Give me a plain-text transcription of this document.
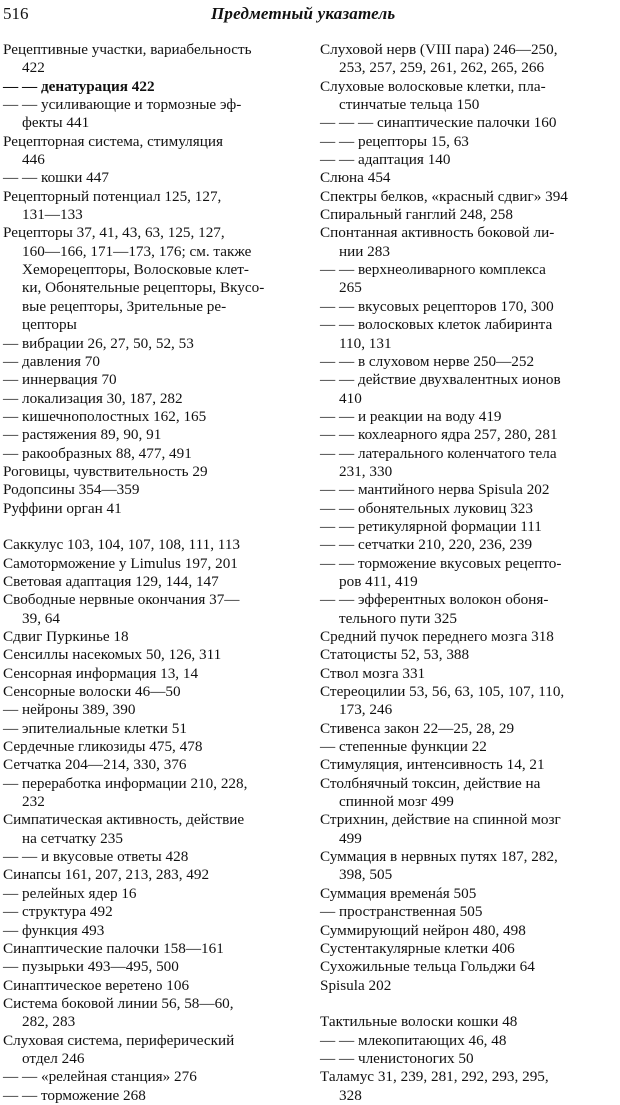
516	Предметный указатель
Рецептивные участки, вариабельность
422
— — денатурация 422
— — усиливающие и тормозные эф-
фекты 441
Рецепторная система, стимуляция
446
— — кошки 447
Рецепторный потенциал 125, 127,
131—133
Рецепторы 37, 41, 43, 63, 125, 127,
160—166, 171—173, 176; см. также
Хеморецепторы, Волосковые клет-
ки, Обонятельные рецепторы, Вкусо-
вые рецепторы, Зрительные ре-
цепторы
— вибрации 26, 27, 50, 52, 53
— давления 70
— иннервация 70
— локализация 30, 187, 282
— кишечнополостных 162, 165
— растяжения 89, 90, 91
— ракообразных 88, 477, 491
Роговицы, чувствительность 29
Родопсины 354—359
Руффини орган 41
Саккулус 103, 104, 107, 108, 111, 113
Самоторможение у Limulus 197, 201
Световая адаптация 129, 144, 147
Свободные нервные окончания 37—
39, 64
Сдвиг Пуркинье 18
Сенсиллы насекомых 50, 126, 311
Сенсорная информация 13, 14
Сенсорные волоски 46—50
— нейроны 389, 390
— эпителиальные клетки 51
Сердечные гликозиды 475, 478
Сетчатка 204—214, 330, 376
— переработка информации 210, 228,
232
Симпатическая активность, действие
на сетчатку 235
— — и вкусовые ответы 428
Синапсы 161, 207, 213, 283, 492
— релейных ядер 16
— структура 492
— функция 493
Синаптические палочки 158—161
— пузырьки 493—495, 500
Синаптическое веретено 106
Система боковой линии 56, 58—60,
282, 283
Слуховая система, периферический
отдел 246
— — «релейная станция» 276
— — торможение 268
Слуховой нерв (VIII пара) 246—250,
253, 257, 259, 261, 262, 265, 266
Слуховые волосковые клетки, пла-
стинчатые тельца 150
— — — синаптические палочки 160
— — рецепторы 15, 63
— — адаптация 140
Слюна 454
Спектры белков, «красный сдвиг» 394
Спиральный ганглий 248, 258
Спонтанная активность боковой ли-
нии 283
— — верхнеоливарного комплекса
265
— — вкусовых рецепторов 170, 300
— — волосковых клеток лабиринта
110, 131
— — в слуховом нерве 250—252
— — действие двухвалентных ионов
410
— — и реакции на воду 419
— — кохлеарного ядра 257, 280, 281
— — латерального коленчатого тела
231, 330
— — мантийного нерва Spisula 202
— — обонятельных луковиц 323
— — ретикулярной формации 111
— — сетчатки 210, 220, 236, 239
— — торможение вкусовых рецепто-
ров 411, 419
— — эфферентных волокон обоня-
тельного пути 325
Средний пучок переднего мозга 318
Статоцисты 52, 53, 388
Ствол мозга 331
Стереоцилии 53, 56, 63, 105, 107, 110,
173, 246
Стивенса закон 22—25, 28, 29
— степенные функции 22
Стимуляция, интенсивность 14, 21
Столбнячный токсин, действие на
спинной мозг 499
Стрихнин, действие на спинной мозг
499
Суммация в нервных путях 187, 282,
398, 505
Суммация временáя 505
— пространственная 505
Суммирующий нейрон 480, 498
Сустентакулярные клетки 406
Сухожильные тельца Гольджи 64
Spisula 202
Тактильные волоски кошки 48
— — млекопитающих 46, 48
— — членистоногих 50
Таламус 31, 239, 281, 292, 293, 295,
328
